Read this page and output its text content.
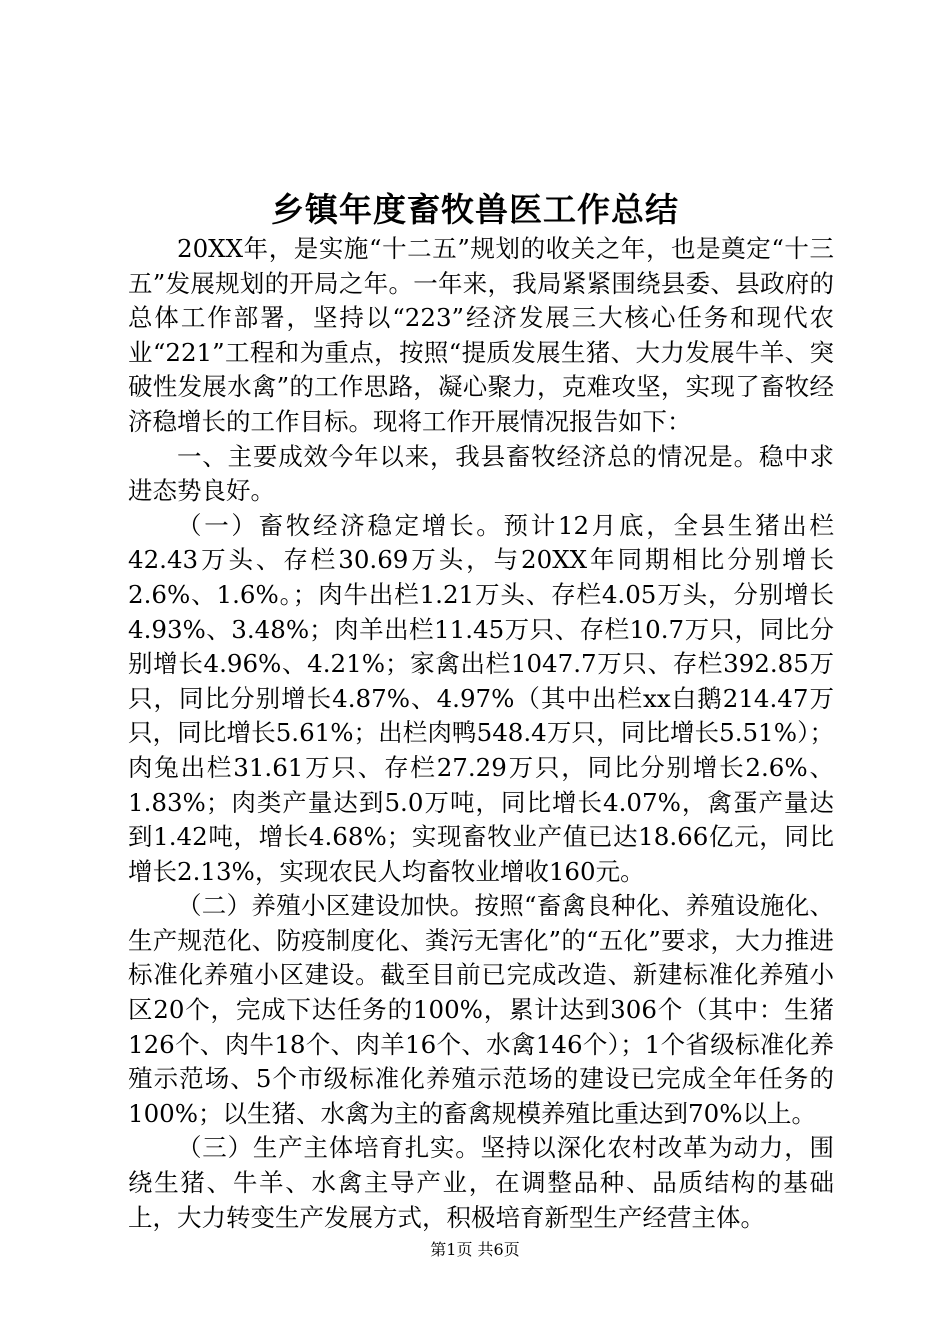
乡镇年度畜牧兽医工作总结

20XX年，是实施“十二五”规划的收关之年，也是奠定“十三五”发展规划的开局之年。一年来，我局紧紧围绕县委、县政府的总体工作部署，坚持以“223”经济发展三大核心任务和现代农业“221”工程和为重点，按照“提质发展生猪、大力发展牛羊、突破性发展水禽”的工作思路，凝心聚力，克难攻坚，实现了畜牧经济稳增长的工作目标。现将工作开展情况报告如下：

一、主要成效今年以来，我县畜牧经济总的情况是。稳中求进态势良好。

（一）畜牧经济稳定增长。预计12月底，全县生猪出栏42.43万头、存栏30.69万头，与20XX年同期相比分别增长2.6%、1.6%。；肉牛出栏1.21万头、存栏4.05万头，分别增长4.93%、3.48%；肉羊出栏11.45万只、存栏10.7万只，同比分别增长4.96%、4.21%；家禽出栏1047.7万只、存栏392.85万只，同比分别增长4.87%、4.97%（其中出栏xx白鹅214.47万只，同比增长5.61%；出栏肉鸭548.4万只，同比增长5.51%）；肉兔出栏31.61万只、存栏27.29万只，同比分别增长2.6%、1.83%；肉类产量达到5.0万吨，同比增长4.07%，禽蛋产量达到1.42吨，增长4.68%；实现畜牧业产值已达18.66亿元，同比增长2.13%，实现农民人均畜牧业增收160元。

（二）养殖小区建设加快。按照“畜禽良种化、养殖设施化、生产规范化、防疫制度化、粪污无害化”的“五化”要求，大力推进标准化养殖小区建设。截至目前已完成改造、新建标准化养殖小区20个，完成下达任务的100%，累计达到306个（其中：生猪126个、肉牛18个、肉羊16个、水禽146个）；1个省级标准化养殖示范场、5个市级标准化养殖示范场的建设已完成全年任务的100%；以生猪、水禽为主的畜禽规模养殖比重达到70%以上。

（三）生产主体培育扎实。坚持以深化农村改革为动力，围绕生猪、牛羊、水禽主导产业，在调整品种、品质结构的基础上，大力转变生产发展方式，积极培育新型生产经营主体。

第1页 共6页
